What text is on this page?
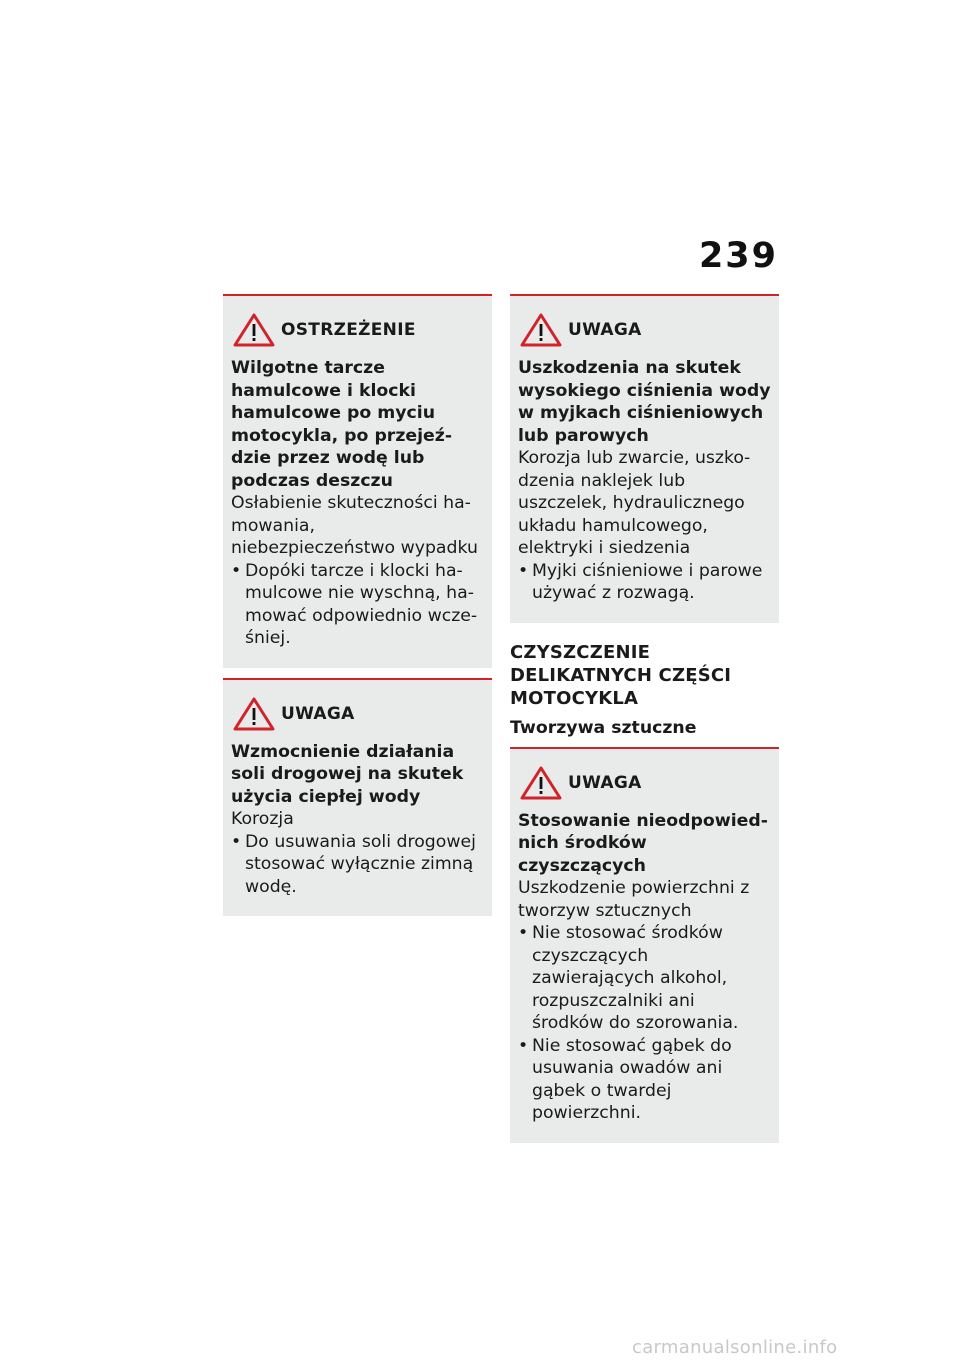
239
OSTRZEŻENIE
Wilgotne tarcze hamulcowe i klocki hamulcowe po myciu motocykla, po przejeździe przez wodę lub podczas deszczu
Osłabienie skuteczności hamowania, niebezpieczeństwo wypadku
• Dopóki tarcze i klocki hamulcowe nie wyschną, hamować odpowiednio wcześniej.
UWAGA
Wzmocnienie działania soli drogowej na skutek użycia ciepłej wody
Korozja
• Do usuwania soli drogowej stosować wyłącznie zimną wodę.
UWAGA
Uszkodzenia na skutek wysokiego ciśnienia wody w myjkach ciśnieniowych lub parowych
Korozja lub zwarcie, uszkodzenia naklejek lub uszczelek, hydraulicznego układu hamulcowego, elektryki i siedzenia
• Myjki ciśnieniowe i parowe używać z rozwagą.
CZYSZCZENIE DELIKATNYCH CZĘŚCI MOTOCYKLA
Tworzywa sztuczne
UWAGA
Stosowanie nieodpowiednich środków czyszczących
Uszkodzenie powierzchni z tworzyw sztucznych
• Nie stosować środków czyszczących zawierających alkohol, rozpuszczalniki ani środków do szorowania.
• Nie stosować gąbek do usuwania owadów ani gąbek o twardej powierzchni.
carmanualsonline.info
